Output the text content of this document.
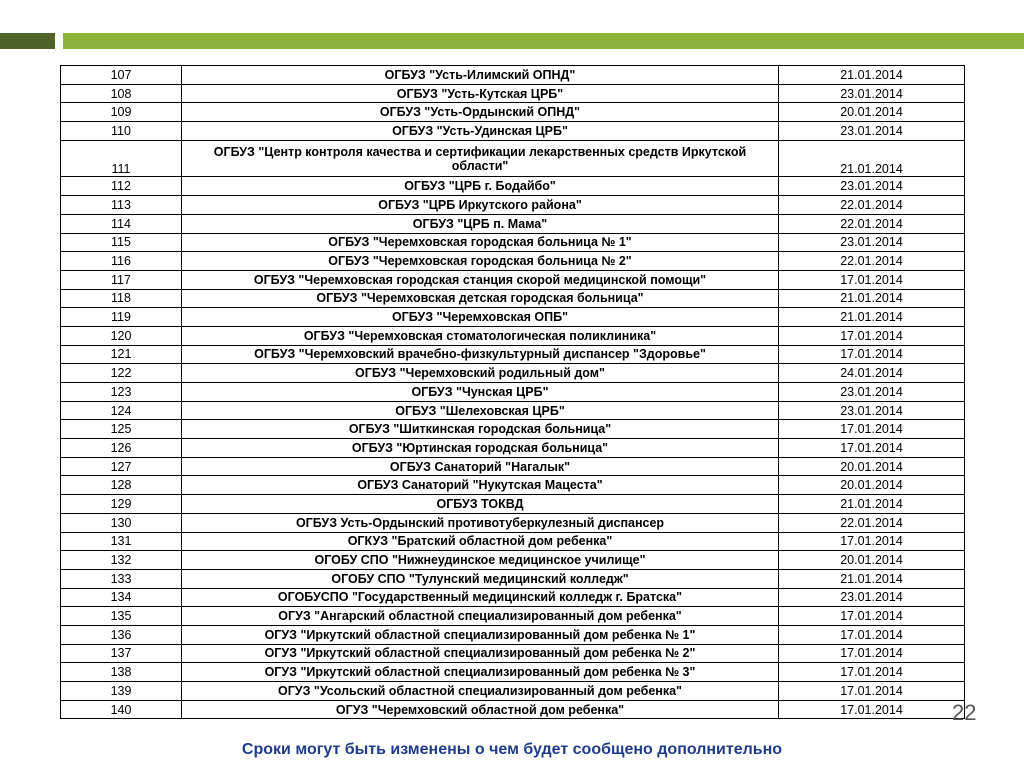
107	ОГБУЗ "Усть-Илимский ОПНД"	21.01.2014
108	ОГБУЗ "Усть-Кутская ЦРБ"	23.01.2014
109	ОГБУЗ "Усть-Ордынский ОПНД"	20.01.2014
110	ОГБУЗ "Усть-Удинская ЦРБ"	23.01.2014
111	ОГБУЗ "Центр контроля качества и сертификации лекарственных средств Иркутской области"	21.01.2014
112	ОГБУЗ "ЦРБ г. Бодайбо"	23.01.2014
113	ОГБУЗ "ЦРБ Иркутского района"	22.01.2014
114	ОГБУЗ "ЦРБ п. Мама"	22.01.2014
115	ОГБУЗ "Черемховская городская больница № 1"	23.01.2014
116	ОГБУЗ "Черемховская городская больница № 2"	22.01.2014
117	ОГБУЗ "Черемховская городская станция скорой медицинской помощи"	17.01.2014
118	ОГБУЗ "Черемховская детская городская больница"	21.01.2014
119	ОГБУЗ "Черемховская ОПБ"	21.01.2014
120	ОГБУЗ "Черемховская стоматологическая поликлиника"	17.01.2014
121	ОГБУЗ "Черемховский врачебно-физкультурный диспансер "Здоровье"	17.01.2014
122	ОГБУЗ "Черемховский родильный дом"	24.01.2014
123	ОГБУЗ "Чунская ЦРБ"	23.01.2014
124	ОГБУЗ "Шелеховская ЦРБ"	23.01.2014
125	ОГБУЗ "Шиткинская городская больница"	17.01.2014
126	ОГБУЗ "Юртинская городская больница"	17.01.2014
127	ОГБУЗ Санаторий "Нагалык"	20.01.2014
128	ОГБУЗ Санаторий "Нукутская Мацеста"	20.01.2014
129	ОГБУЗ ТОКВД	21.01.2014
130	ОГБУЗ Усть-Ордынский противотуберкулезный диспансер	22.01.2014
131	ОГКУЗ "Братский областной дом ребенка"	17.01.2014
132	ОГОБУ СПО "Нижнеудинское медицинское училище"	20.01.2014
133	ОГОБУ СПО "Тулунский медицинский колледж"	21.01.2014
134	ОГОБУСПО "Государственный медицинский колледж г. Братска"	23.01.2014
135	ОГУЗ "Ангарский областной специализированный дом ребенка"	17.01.2014
136	ОГУЗ "Иркутский областной специализированный дом ребенка № 1"	17.01.2014
137	ОГУЗ "Иркутский областной специализированный дом ребенка № 2"	17.01.2014
138	ОГУЗ "Иркутский областной специализированный дом ребенка № 3"	17.01.2014
139	ОГУЗ "Усольский областной специализированный дом ребенка"	17.01.2014
140	ОГУЗ "Черемховский областной дом ребенка"	17.01.2014 22
Сроки могут быть изменены о чем будет сообщено дополнительно
